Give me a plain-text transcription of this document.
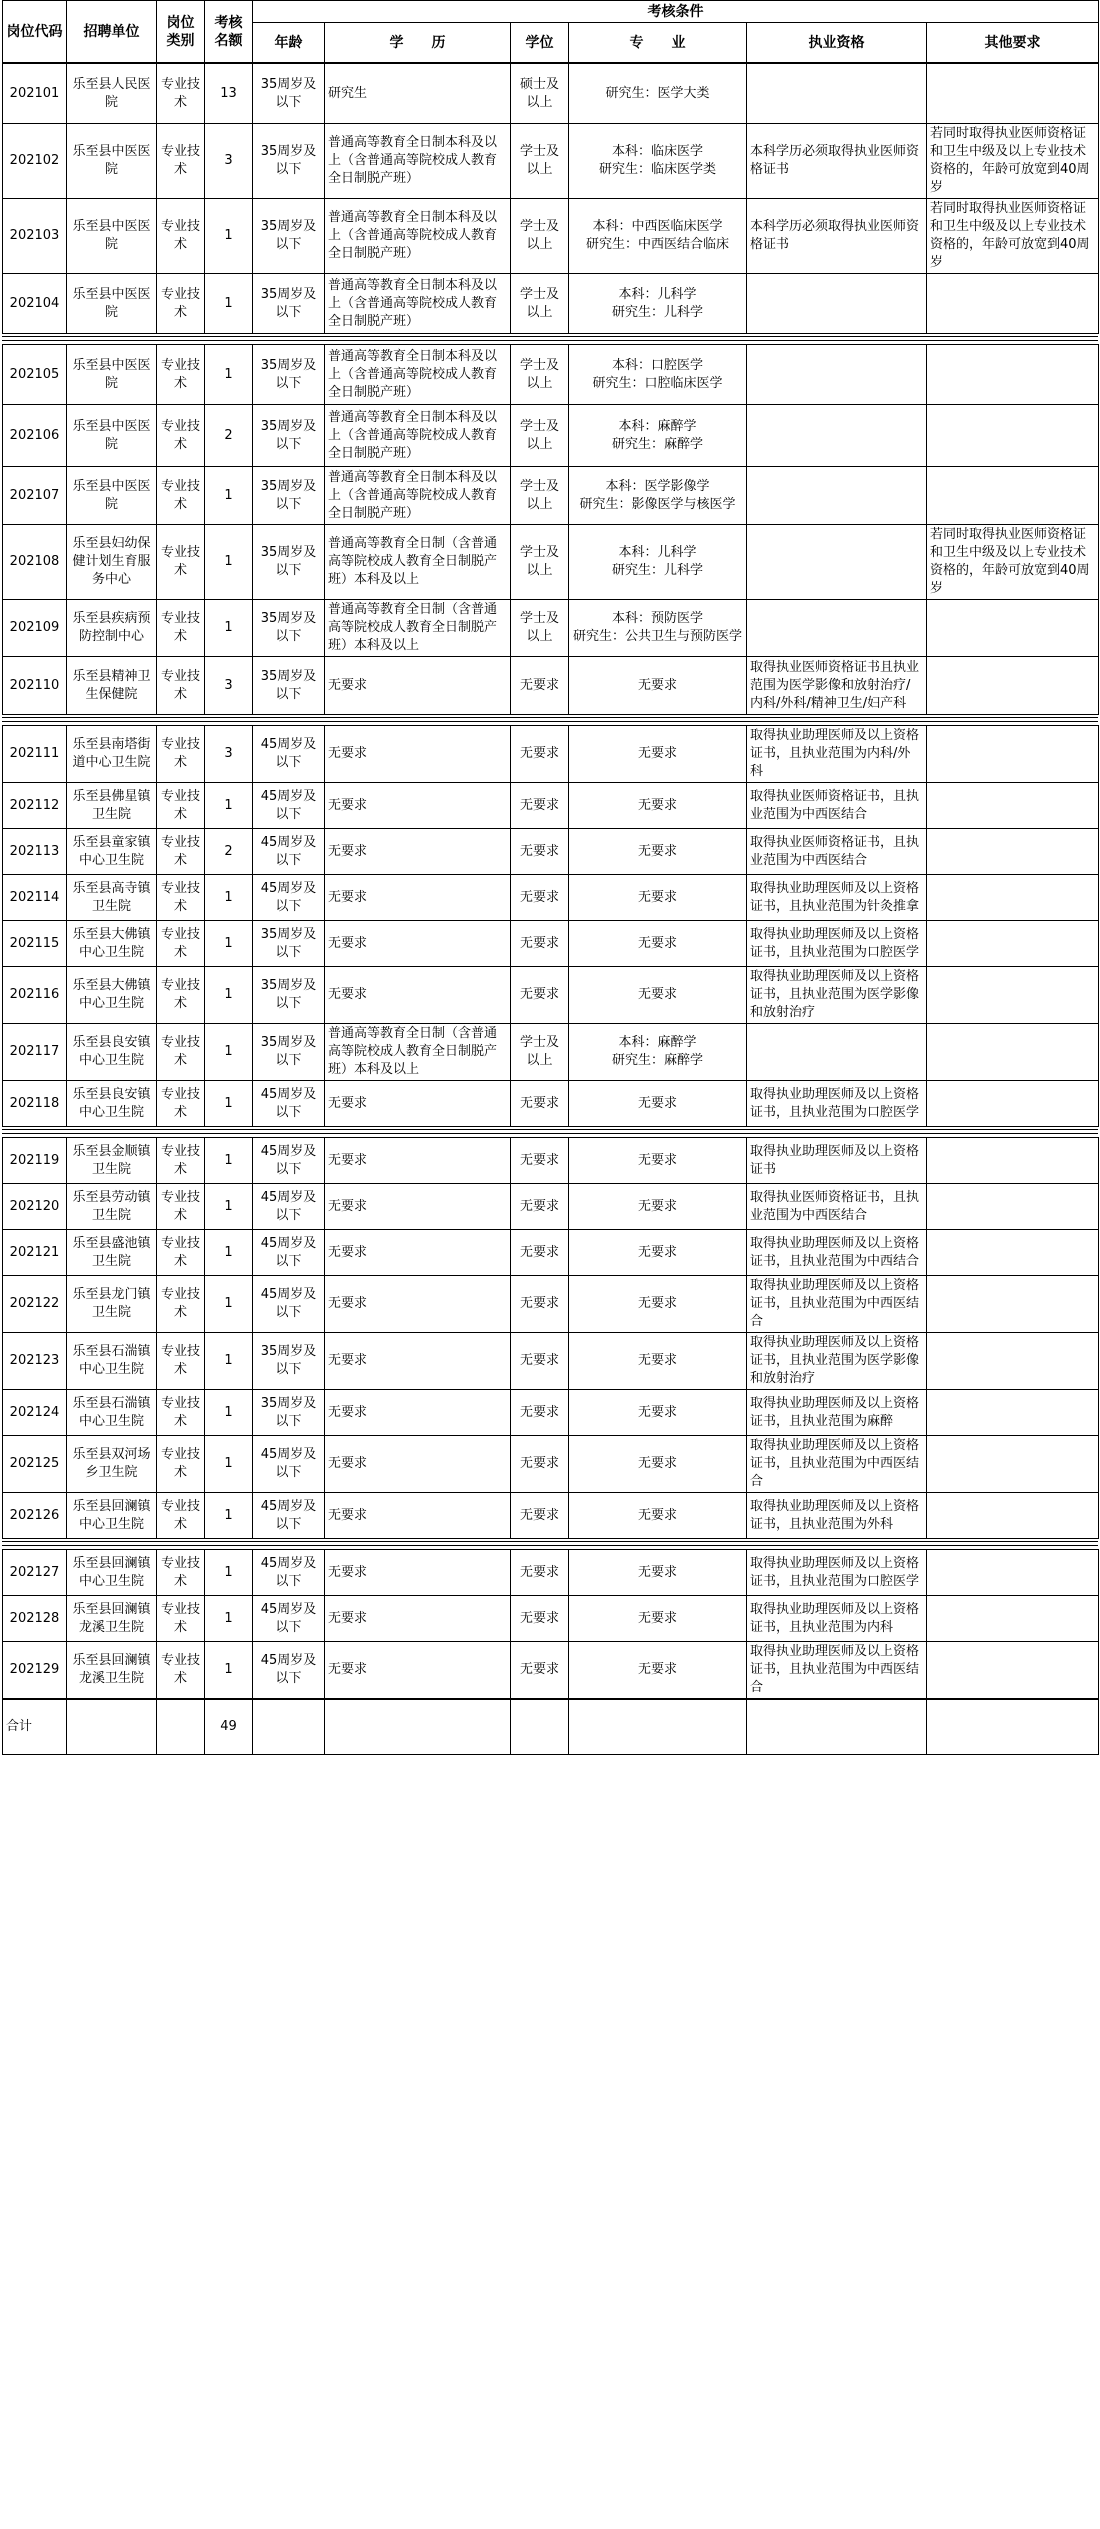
岗位代码	招聘单位	岗位类别	考核名额	考核条件					
				年龄	学　　历	学位	专　　业	执业资格	其他要求
202101	乐至县人民医院	专业技术	13	35周岁及以下	研究生	硕士及以上	研究生：医学大类		
202102	乐至县中医医院	专业技术	3	35周岁及以下	普通高等教育全日制本科及以上（含普通高等院校成人教育全日制脱产班）	学士及以上	本科：临床医学
研究生：临床医学类	本科学历必须取得执业医师资格证书	若同时取得执业医师资格证和卫生中级及以上专业技术资格的，年龄可放宽到40周岁
202103	乐至县中医医院	专业技术	1	35周岁及以下	普通高等教育全日制本科及以上（含普通高等院校成人教育全日制脱产班）	学士及以上	本科：中西医临床医学
研究生：中西医结合临床	本科学历必须取得执业医师资格证书	若同时取得执业医师资格证和卫生中级及以上专业技术资格的，年龄可放宽到40周岁
202104	乐至县中医医院	专业技术	1	35周岁及以下	普通高等教育全日制本科及以上（含普通高等院校成人教育全日制脱产班）	学士及以上	本科：儿科学
研究生：儿科学		
202105	乐至县中医医院	专业技术	1	35周岁及以下	普通高等教育全日制本科及以上（含普通高等院校成人教育全日制脱产班）	学士及以上	本科：口腔医学
研究生：口腔临床医学		
202106	乐至县中医医院	专业技术	2	35周岁及以下	普通高等教育全日制本科及以上（含普通高等院校成人教育全日制脱产班）	学士及以上	本科：麻醉学
研究生：麻醉学		
202107	乐至县中医医院	专业技术	1	35周岁及以下	普通高等教育全日制本科及以上（含普通高等院校成人教育全日制脱产班）	学士及以上	本科：医学影像学
研究生：影像医学与核医学		
202108	乐至县妇幼保健计划生育服务中心	专业技术	1	35周岁及以下	普通高等教育全日制（含普通高等院校成人教育全日制脱产班）本科及以上	学士及以上	本科：儿科学
研究生：儿科学		若同时取得执业医师资格证和卫生中级及以上专业技术资格的，年龄可放宽到40周岁
202109	乐至县疾病预防控制中心	专业技术	1	35周岁及以下	普通高等教育全日制（含普通高等院校成人教育全日制脱产班）本科及以上	学士及以上	本科：预防医学
研究生：公共卫生与预防医学		
202110	乐至县精神卫生保健院	专业技术	3	35周岁及以下	无要求	无要求	无要求	取得执业医师资格证书且执业范围为医学影像和放射治疗/内科/外科/精神卫生/妇产科	
202111	乐至县南塔街道中心卫生院	专业技术	3	45周岁及以下	无要求	无要求	无要求	取得执业助理医师及以上资格证书，且执业范围为内科/外科	
202112	乐至县佛星镇卫生院	专业技术	1	45周岁及以下	无要求	无要求	无要求	取得执业医师资格证书，且执业范围为中西医结合	
202113	乐至县童家镇中心卫生院	专业技术	2	45周岁及以下	无要求	无要求	无要求	取得执业医师资格证书，且执业范围为中西医结合	
202114	乐至县高寺镇卫生院	专业技术	1	45周岁及以下	无要求	无要求	无要求	取得执业助理医师及以上资格证书，且执业范围为针灸推拿	
202115	乐至县大佛镇中心卫生院	专业技术	1	35周岁及以下	无要求	无要求	无要求	取得执业助理医师及以上资格证书，且执业范围为口腔医学	
202116	乐至县大佛镇中心卫生院	专业技术	1	35周岁及以下	无要求	无要求	无要求	取得执业助理医师及以上资格证书，且执业范围为医学影像和放射治疗	
202117	乐至县良安镇中心卫生院	专业技术	1	35周岁及以下	普通高等教育全日制（含普通高等院校成人教育全日制脱产班）本科及以上	学士及以上	本科：麻醉学
研究生：麻醉学		
202118	乐至县良安镇中心卫生院	专业技术	1	45周岁及以下	无要求	无要求	无要求	取得执业助理医师及以上资格证书，且执业范围为口腔医学	
202119	乐至县金顺镇卫生院	专业技术	1	45周岁及以下	无要求	无要求	无要求	取得执业助理医师及以上资格证书	
202120	乐至县劳动镇卫生院	专业技术	1	45周岁及以下	无要求	无要求	无要求	取得执业医师资格证书，且执业范围为中西医结合	
202121	乐至县盛池镇卫生院	专业技术	1	45周岁及以下	无要求	无要求	无要求	取得执业助理医师及以上资格证书，且执业范围为中西结合	
202122	乐至县龙门镇卫生院	专业技术	1	45周岁及以下	无要求	无要求	无要求	取得执业助理医师及以上资格证书，且执业范围为中西医结合	
202123	乐至县石湍镇中心卫生院	专业技术	1	35周岁及以下	无要求	无要求	无要求	取得执业助理医师及以上资格证书，且执业范围为医学影像和放射治疗	
202124	乐至县石湍镇中心卫生院	专业技术	1	35周岁及以下	无要求	无要求	无要求	取得执业助理医师及以上资格证书，且执业范围为麻醉	
202125	乐至县双河场乡卫生院	专业技术	1	45周岁及以下	无要求	无要求	无要求	取得执业助理医师及以上资格证书，且执业范围为中西医结合	
202126	乐至县回澜镇中心卫生院	专业技术	1	45周岁及以下	无要求	无要求	无要求	取得执业助理医师及以上资格证书，且执业范围为外科	
202127	乐至县回澜镇中心卫生院	专业技术	1	45周岁及以下	无要求	无要求	无要求	取得执业助理医师及以上资格证书，且执业范围为口腔医学	
202128	乐至县回澜镇龙溪卫生院	专业技术	1	45周岁及以下	无要求	无要求	无要求	取得执业助理医师及以上资格证书，且执业范围为内科	
202129	乐至县回澜镇龙溪卫生院	专业技术	1	45周岁及以下	无要求	无要求	无要求	取得执业助理医师及以上资格证书，且执业范围为中西医结合	
合计			49						
